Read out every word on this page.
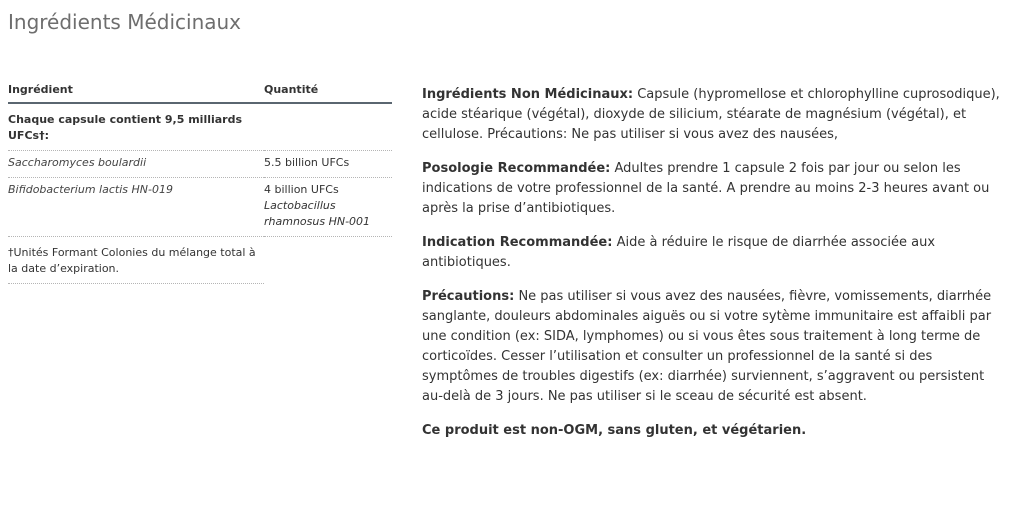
Ingrédients Médicinaux
Ingrédient	Quantité
Chaque capsule contient 9,5 milliards UFCs†:	
Saccharomyces boulardii	5.5 billion UFCs

Bifidobacterium lactis HN-019	4 billion UFCs
Lactobacillus rhamnosus HN-001

†Unités Formant Colonies du mélange total à la date d’expiration.	

Ingrédients Non Médicinaux: Capsule (hypromellose et chlorophylline cuprosodique), acide stéarique (végétal), dioxyde de silicium, stéarate de magnésium (végétal), et cellulose. Précautions: Ne pas utiliser si vous avez des nausées,

Posologie Recommandée: Adultes prendre 1 capsule 2 fois par jour ou selon les indications de votre professionnel de la santé. A prendre au moins 2-3 heures avant ou après la prise d’antibiotiques.

Indication Recommandée: Aide à réduire le risque de diarrhée associée aux antibiotiques.

Précautions: Ne pas utiliser si vous avez des nausées, fièvre, vomissements, diarrhée sanglante, douleurs abdominales aiguës ou si votre sytème immunitaire est affaibli par une condition (ex: SIDA, lymphomes) ou si vous êtes sous traitement à long terme de corticoïdes. Cesser l’utilisation et consulter un professionnel de la santé si des symptômes de troubles digestifs (ex: diarrhée) surviennent, s’aggravent ou persistent au-delà de 3 jours. Ne pas utiliser si le sceau de sécurité est absent.

Ce produit est non-OGM, sans gluten, et végétarien.
